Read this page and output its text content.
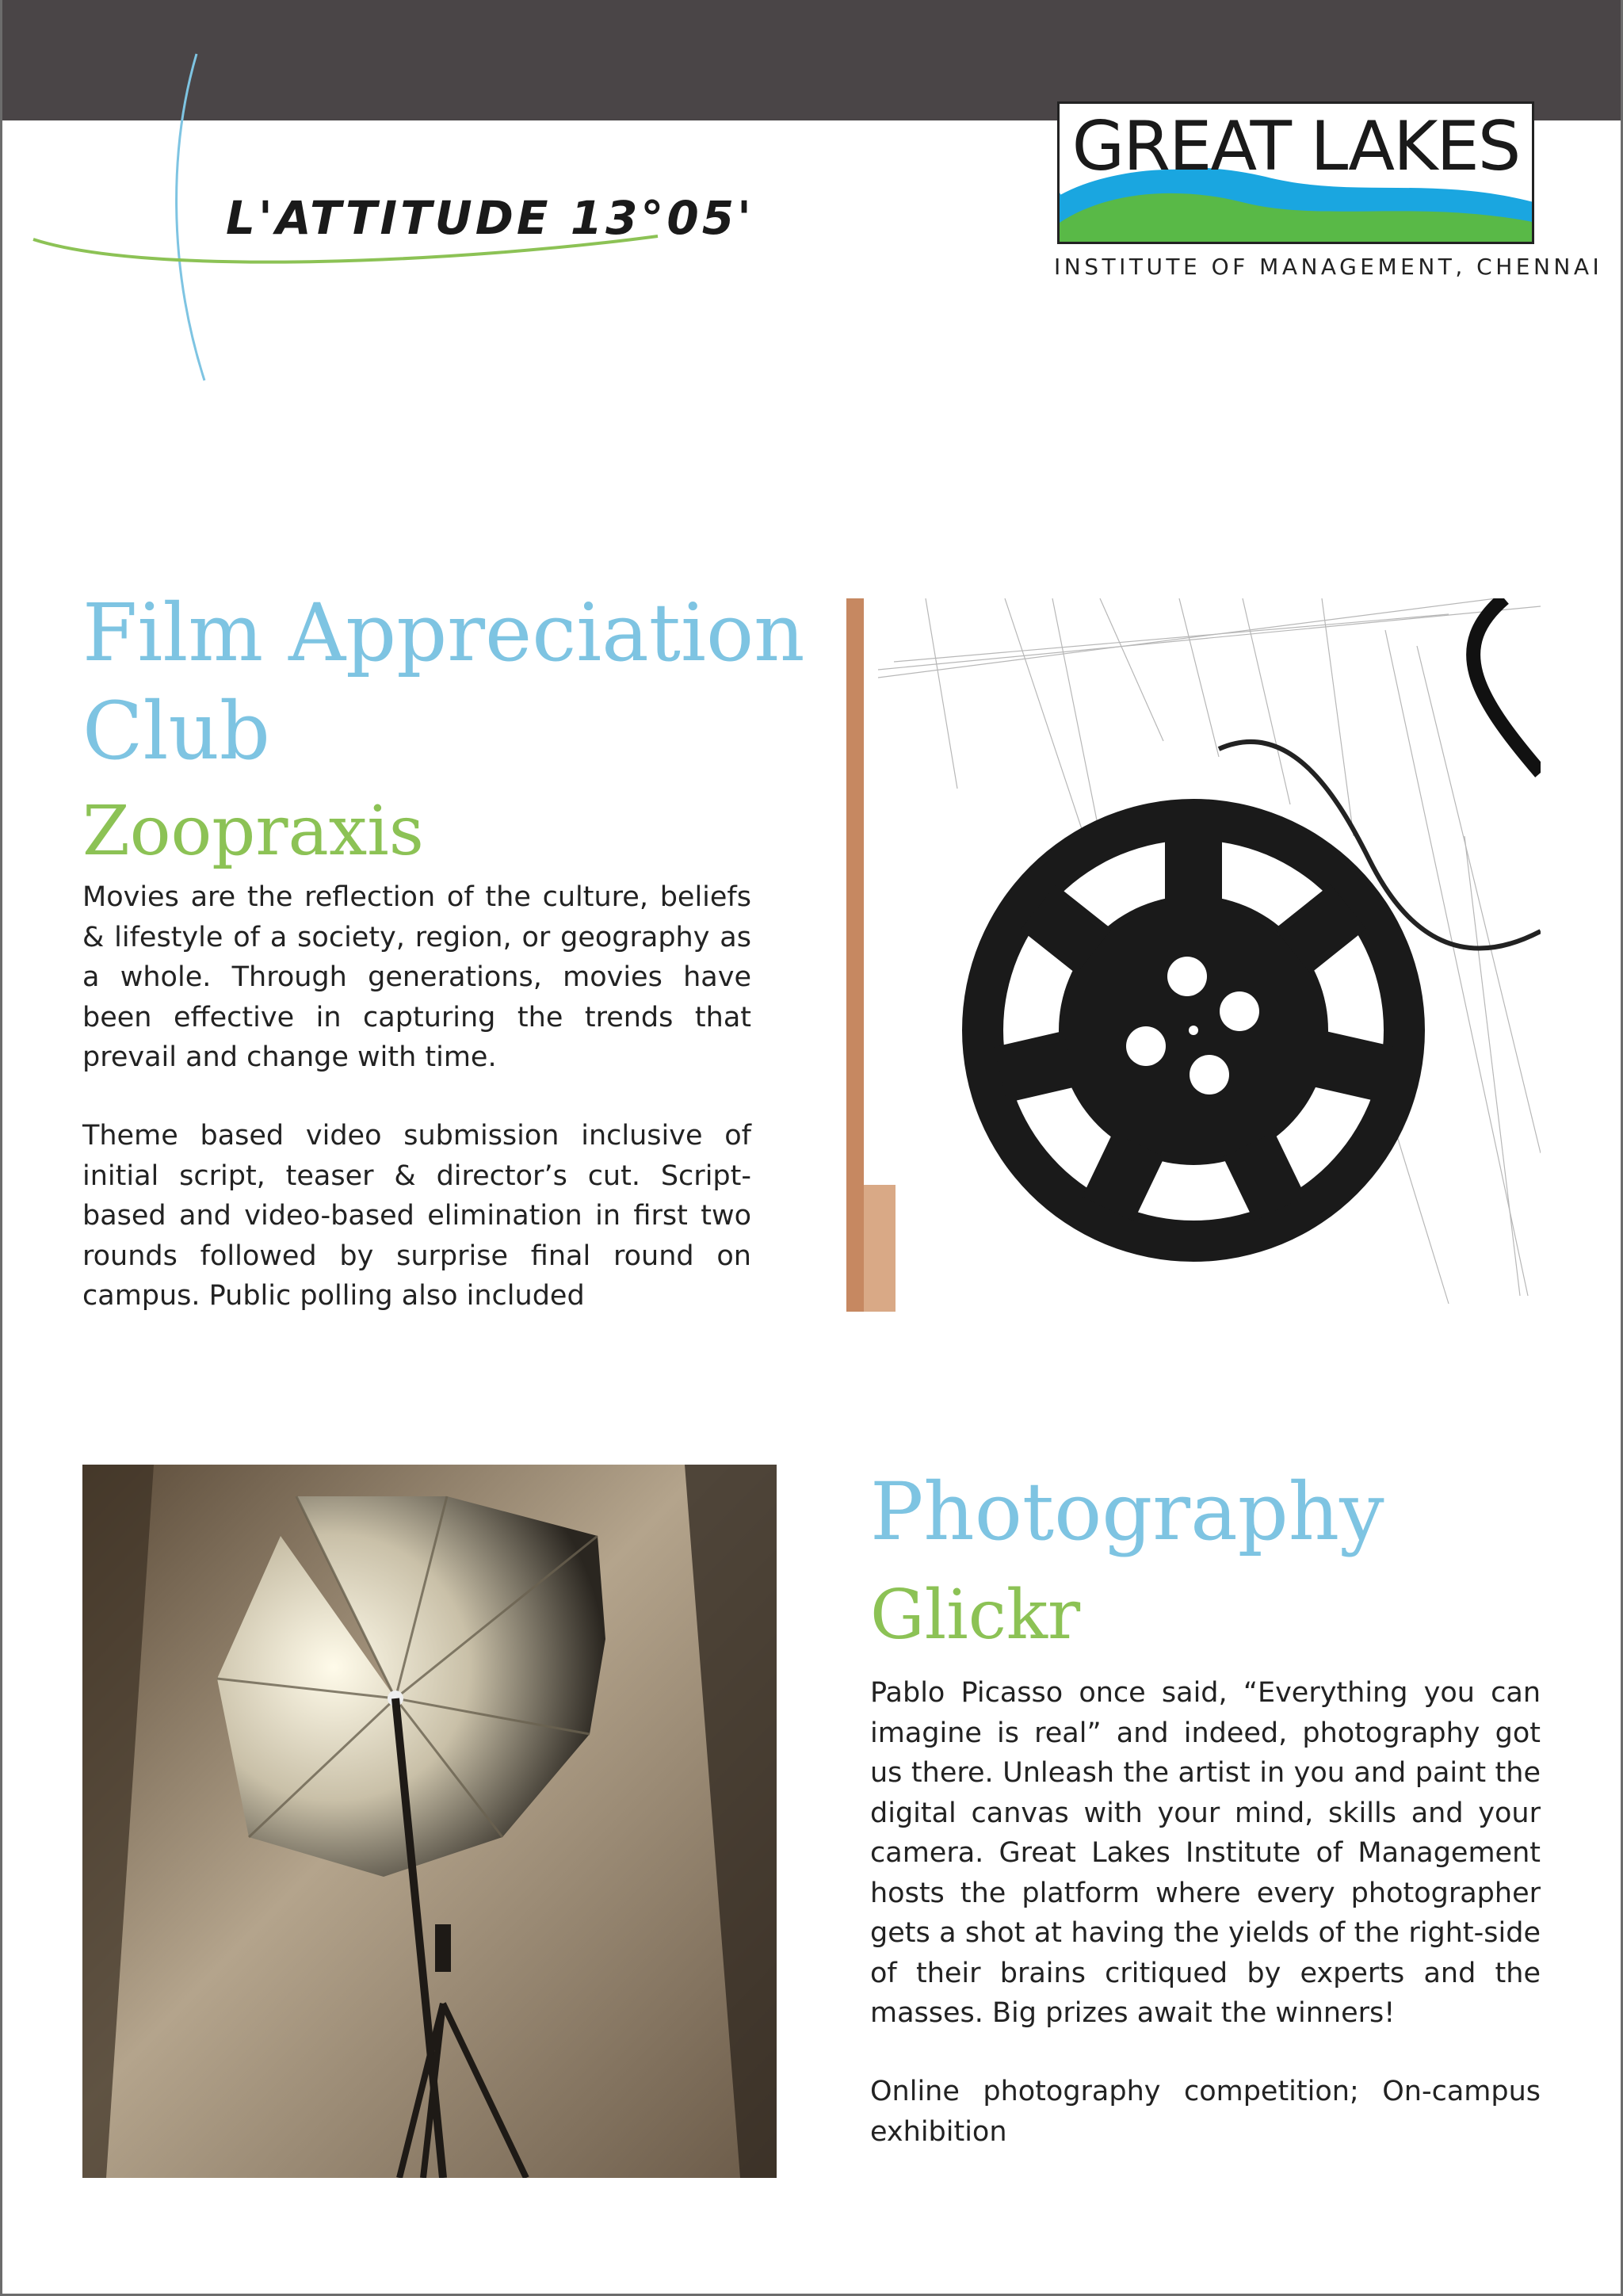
L'ATTITUDE 13°05'
GREAT LAKES
INSTITUTE OF MANAGEMENT, CHENNAI
Film Appreciation
Club
Zoopraxis

Movies are the reflection of the culture, beliefs & lifestyle of a society, region, or geography as a whole. Through generations, movies have been effective in capturing the trends that prevail and change with time.

Theme based video submission inclusive of initial script, teaser & director’s cut. Script-based and video-based elimination in first two rounds followed by surprise final round on campus. Public polling also included

Photography
Glickr

Pablo Picasso once said, “Everything you can imagine is real” and indeed, photography got us there. Unleash the artist in you and paint the digital canvas with your mind, skills and your camera. Great Lakes Institute of Management hosts the platform where every photographer gets a shot at having the yields of the right-side of their brains critiqued by experts and the masses. Big prizes await the winners!

Online photography competition; On-campus exhibition
